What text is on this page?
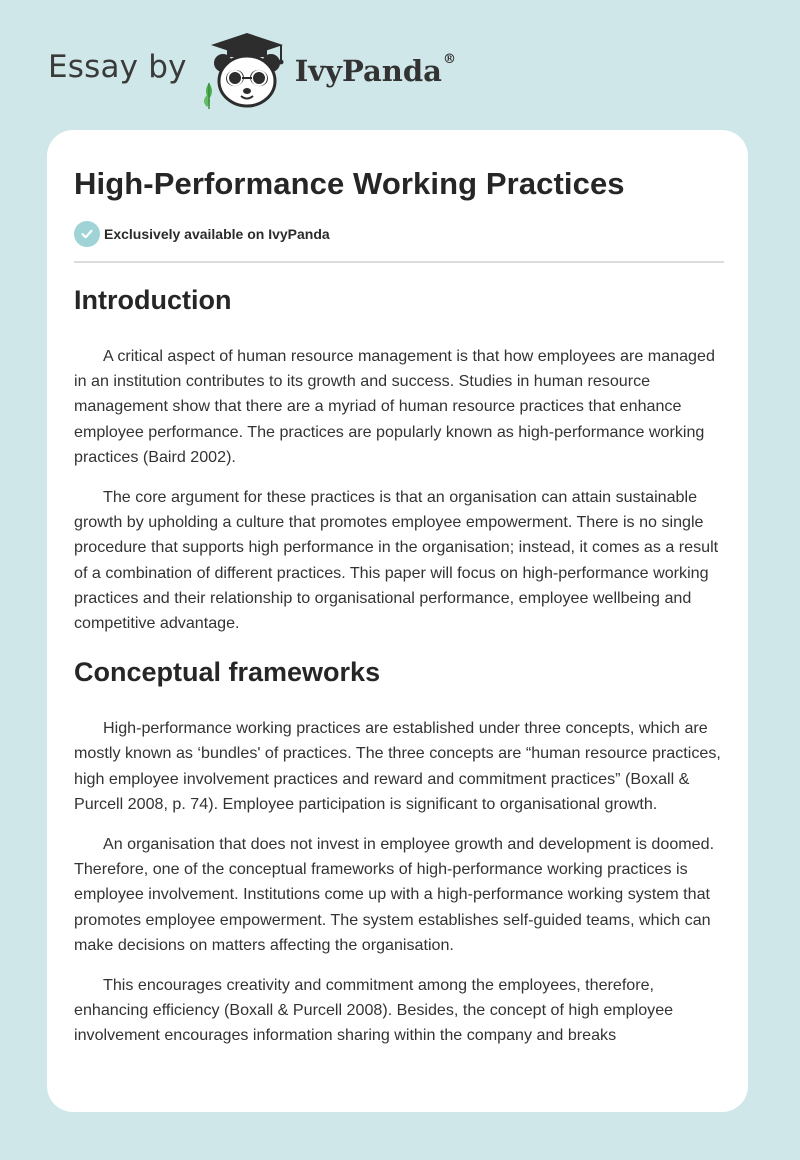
Essay by	IvyPanda®
High-Performance Working Practices
Exclusively available on IvyPanda
Introduction

A critical aspect of human resource management is that how employees are managed in an institution contributes to its growth and success. Studies in human resource management show that there are a myriad of human resource practices that enhance employee performance. The practices are popularly known as high-performance working practices (Baird 2002).

The core argument for these practices is that an organisation can attain sustainable growth by upholding a culture that promotes employee empowerment. There is no single procedure that supports high performance in the organisation; instead, it comes as a result of a combination of different practices. This paper will focus on high-performance working practices and their relationship to organisational performance, employee wellbeing and competitive advantage.

Conceptual frameworks

High-performance working practices are established under three concepts, which are mostly known as ‘bundles' of practices. The three concepts are “human resource practices, high employee involvement practices and reward and commitment practices” (Boxall & Purcell 2008, p. 74). Employee participation is significant to organisational growth.

An organisation that does not invest in employee growth and development is doomed. Therefore, one of the conceptual frameworks of high-performance working practices is employee involvement. Institutions come up with a high-performance working system that promotes employee empowerment. The system establishes self-guided teams, which can make decisions on matters affecting the organisation.

This encourages creativity and commitment among the employees, therefore, enhancing efficiency (Boxall & Purcell 2008). Besides, the concept of high employee involvement encourages information sharing within the company and breaks
